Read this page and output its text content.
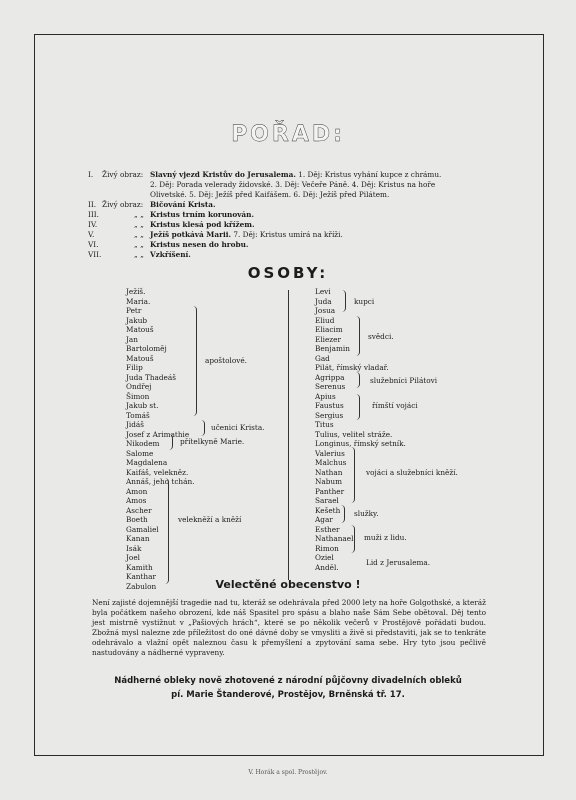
POŘAD:
I. Živý obraz: Slavný vjezd Kristův do Jerusalema. 1. Děj: Kristus vyhání kupce z chrámu.
2. Děj: Porada velerady židovské. 3. Děj: Večeře Páně. 4. Děj: Kristus na hoře
Olivetské. 5. Děj: Ježíš před Kaifášem. 6. Děj: Ježíš před Pilátem.
II. Živý obraz: Bičování Krista.
III.	„ „ Kristus trním korunován.
IV.	„ „ Kristus klesá pod křížem.
V.	„ „ Ježíš potkává Marii. 7. Děj: Kristus umírá na kříži.
VI.	„ „ Kristus nesen do hrobu.
VII.	„ „ Vzkříšení.
OSOBY:
Ježíš.
Maria.
Petr
Jakub
Matouš
Jan
Bartoloměj
Matouš
Filip
Juda Thadeáš
Ondřej
Šimon
Jakub st.
Tomáš
Jidáš
Josef z Arimathie
Nikodem
Salome
Magdalena
Kaifáš, velekněz.
Annáš, jeho tchán.
Amon
Amos
Ascher
Boeth
Gamaliel
Kanan
Isák
Joel
Kamith
Kanthar
Zabulon
Levi
Juda
Josua
Eliud
Eliacim
Eliezer
Benjamin
Gad
Pilát, římský vladař.
Agrippa
Serenus
Apius
Faustus
Sergius
Titus
Tulius, velitel stráže.
Longinus, římský setník.
Valerius
Malchus
Nathan
Nabum
Panther
Sarael
Kešeth
Agar
Esther
Nathanael
Rimon
Oziel
Anděl.
apoštolové.
učenici Krista.
přítelkyně Marie.
velekněží a kněží
kupci
svědci.
služebníci Pilátovi
římští vojáci
vojáci a služebníci kněží.
služky.
muži z lidu.
Lid z Jerusalema.
Velectěné obecenstvo !
Není zajisté dojemnější tragedie nad tu, kteráž se odehrávala před 2000 lety na hoře Golgothské, a kteráž byla počátkem našeho obrození, kde náš Spasitel pro spásu a blaho naše Sám Sebe obětoval. Děj tento jest mistrně vystižnut v „Pašiových hrách“, které se po několik večerů v Prostějově pořádati budou. Zbožná mysl nalezne zde příležitost do oné dávné doby se vmysliti a živě si představiti, jak se to tenkráte odehrávalo a vlažní opět naleznou času k přemyšlení a zpytování sama sebe. Hry tyto jsou pečlivě nastudovány a nádherné vypraveny.
Nádherné obleky nově zhotovené z národní půjčovny divadelních obleků
pí. Marie Štanderové, Prostějov, Brněnská tř. 17.
V. Horák a spol. Prostějov.
